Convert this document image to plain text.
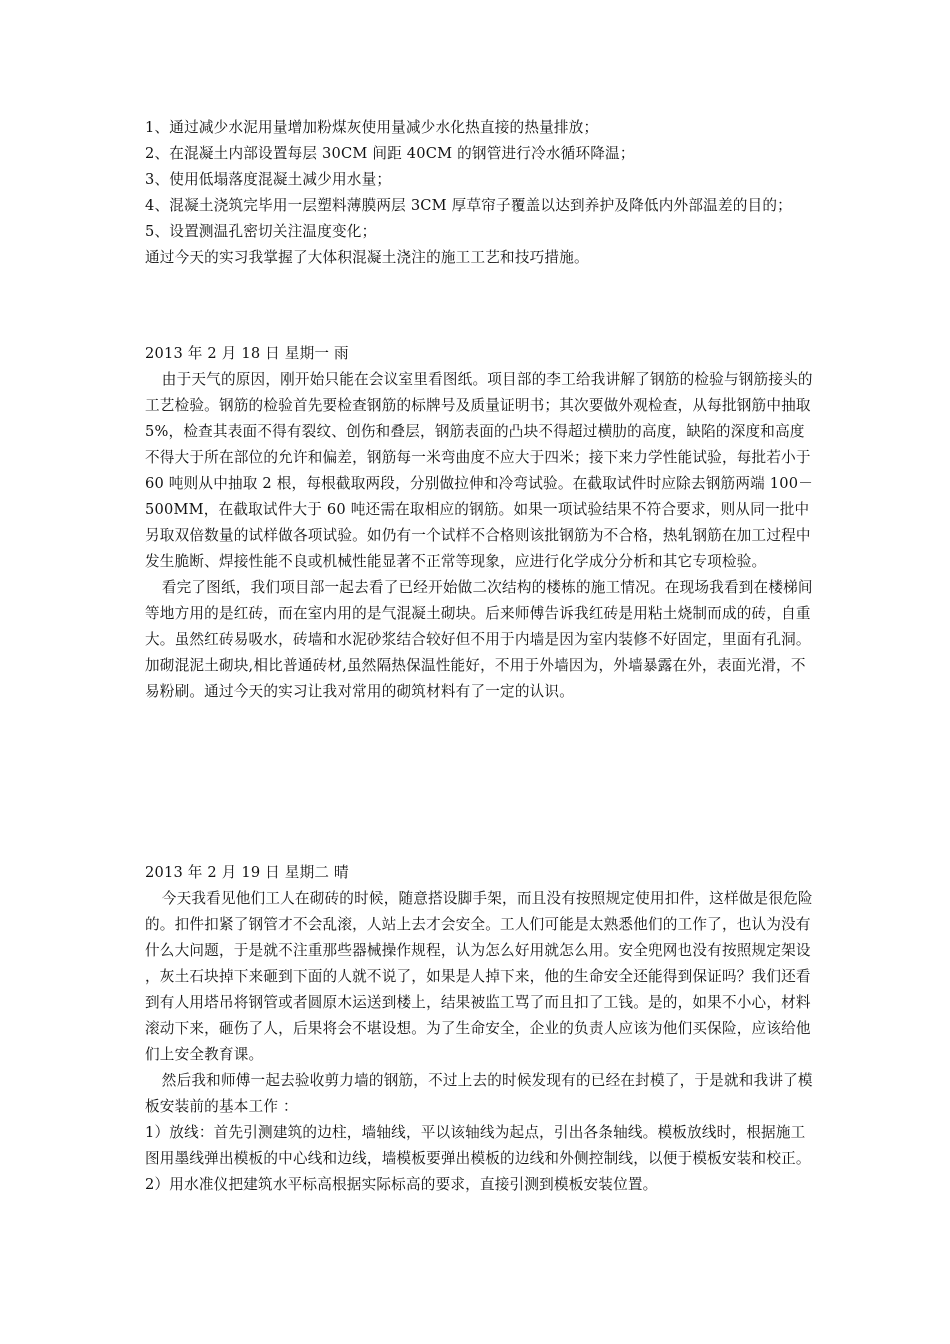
1、通过减少水泥用量增加粉煤灰使用量减少水化热直接的热量排放；

2、在混凝土内部设置每层 30CM 间距 40CM 的钢管进行冷水循环降温；

3、使用低塌落度混凝土减少用水量；

4、混凝土浇筑完毕用一层塑料薄膜两层 3CM 厚草帘子覆盖以达到养护及降低内外部温差的目的；

5、设置测温孔密切关注温度变化；

通过今天的实习我掌握了大体积混凝土浇注的施工工艺和技巧措施。

2013 年 2 月 18 日 星期一 雨

由于天气的原因，刚开始只能在会议室里看图纸。项目部的李工给我讲解了钢筋的检验与钢筋接头的工艺检验。钢筋的检验首先要检查钢筋的标牌号及质量证明书；其次要做外观检查，从每批钢筋中抽取 5%，检查其表面不得有裂纹、创伤和叠层，钢筋表面的凸块不得超过横肋的高度，缺陷的深度和高度不得大于所在部位的允许和偏差，钢筋每一米弯曲度不应大于四米；接下来力学性能试验，每批若小于 60 吨则从中抽取 2 根，每根截取两段，分别做拉伸和冷弯试验。在截取试件时应除去钢筋两端 100－500MM，在截取试件大于 60 吨还需在取相应的钢筋。如果一项试验结果不符合要求，则从同一批中另取双倍数量的试样做各项试验。如仍有一个试样不合格则该批钢筋为不合格，热轧钢筋在加工过程中发生脆断、焊接性能不良或机械性能显著不正常等现象，应进行化学成分分析和其它专项检验。

看完了图纸，我们项目部一起去看了已经开始做二次结构的楼栋的施工情况。在现场我看到在楼梯间等地方用的是红砖，而在室内用的是气混凝土砌块。后来师傅告诉我红砖是用粘土烧制而成的砖，自重大。虽然红砖易吸水，砖墙和水泥砂浆结合较好但不用于内墙是因为室内装修不好固定，里面有孔洞。加砌混泥土砌块,相比普通砖材,虽然隔热保温性能好，不用于外墙因为，外墙暴露在外，表面光滑，不易粉刷。通过今天的实习让我对常用的砌筑材料有了一定的认识。

2013 年 2 月 19 日 星期二 晴

今天我看见他们工人在砌砖的时候，随意搭设脚手架，而且没有按照规定使用扣件，这样做是很危险的。扣件扣紧了钢管才不会乱滚，人站上去才会安全。工人们可能是太熟悉他们的工作了，也认为没有什么大问题，于是就不注重那些器械操作规程，认为怎么好用就怎么用。安全兜网也没有按照规定架设，灰土石块掉下来砸到下面的人就不说了，如果是人掉下来，他的生命安全还能得到保证吗？我们还看到有人用塔吊将钢管或者圆原木运送到楼上，结果被监工骂了而且扣了工钱。是的，如果不小心，材料滚动下来，砸伤了人，后果将会不堪设想。为了生命安全，企业的负责人应该为他们买保险，应该给他们上安全教育课。

然后我和师傅一起去验收剪力墙的钢筋，不过上去的时候发现有的已经在封模了，于是就和我讲了模板安装前的基本工作 ：

1）放线：首先引测建筑的边柱，墙轴线，平以该轴线为起点，引出各条轴线。模板放线时，根据施工图用墨线弹出模板的中心线和边线，墙模板要弹出模板的边线和外侧控制线，以便于模板安装和校正。

2）用水准仪把建筑水平标高根据实际标高的要求，直接引测到模板安装位置。
